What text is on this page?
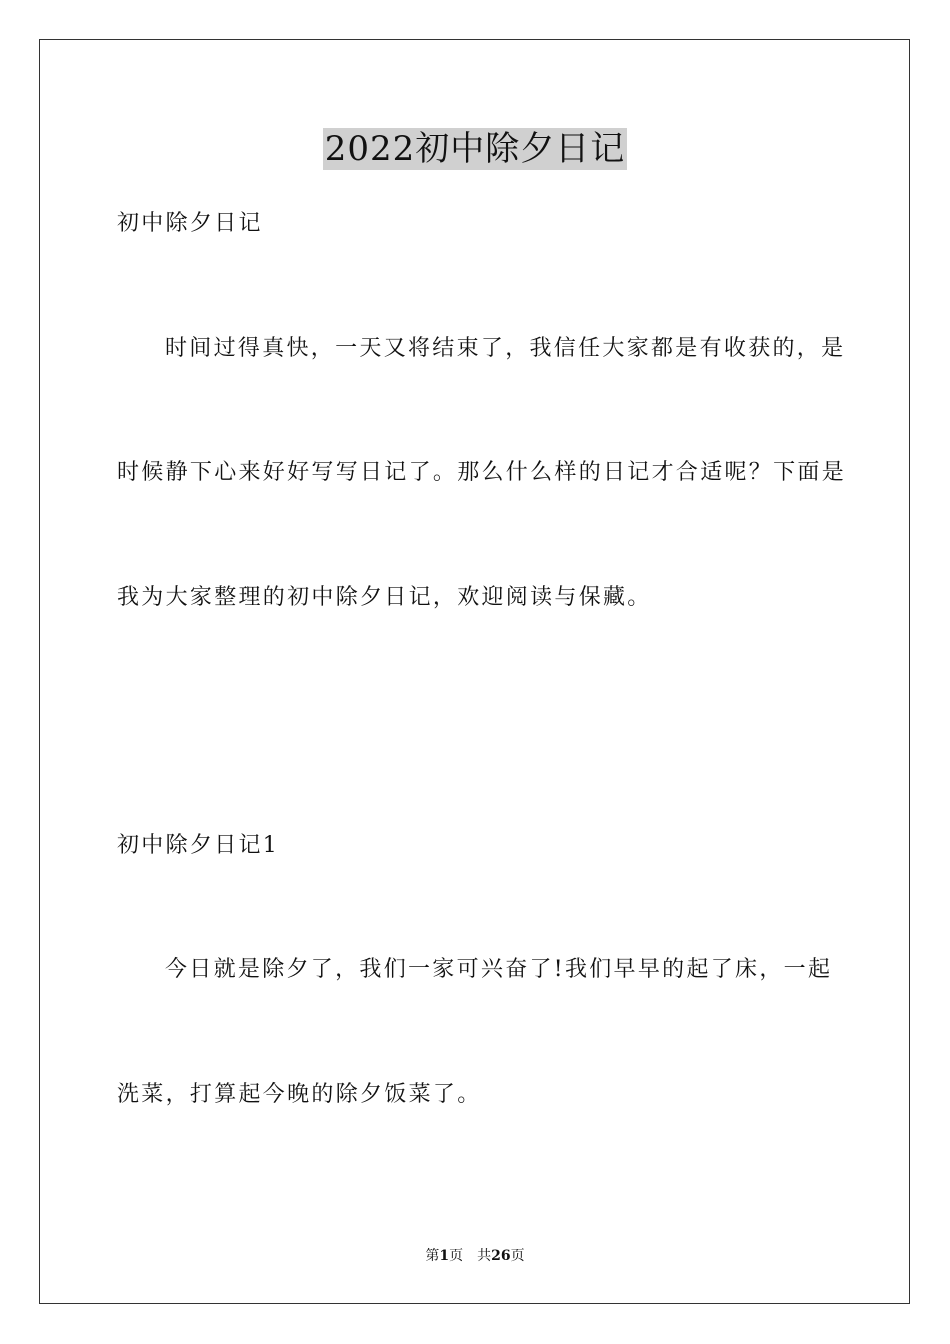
2022初中除夕日记
初中除夕日记
时间过得真快，一天又将结束了，我信任大家都是有收获的，是
时候静下心来好好写写日记了。那么什么样的日记才合适呢？下面是
我为大家整理的初中除夕日记，欢迎阅读与保藏。
初中除夕日记1
今日就是除夕了，我们一家可兴奋了!我们早早的起了床，一起
洗菜，打算起今晚的除夕饭菜了。
第1页　共26页
